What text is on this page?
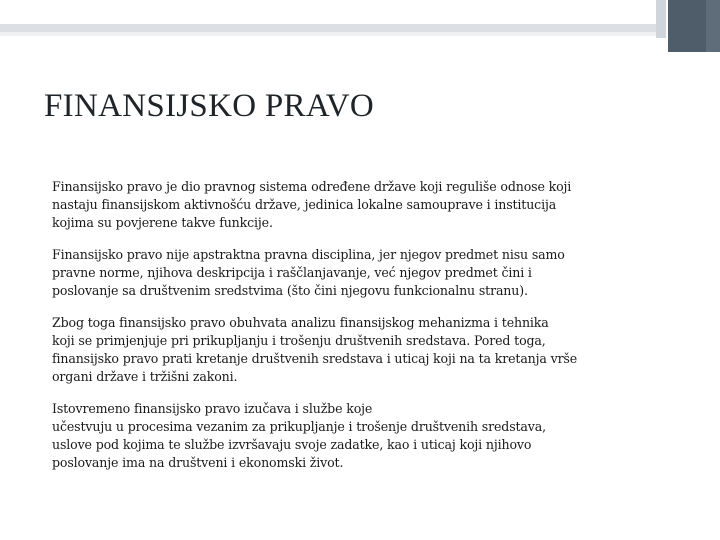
FINANSIJSKO PRAVO

Finansijsko pravo je dio pravnog sistema određene države koji reguliše odnose koji
nastaju finansijskom aktivnošću države, jedinica lokalne samouprave i institucija
kojima su povjerene takve funkcije.

Finansijsko pravo nije apstraktna pravna disciplina, jer njegov predmet nisu samo
pravne norme, njihova deskripcija i raščlanjavanje, već njegov predmet čini i
poslovanje sa društvenim sredstvima (što čini njegovu funkcionalnu stranu).

Zbog toga finansijsko pravo obuhvata analizu finansijskog mehanizma i tehnika
koji se primjenjuje pri prikupljanju i trošenju društvenih sredstava. Pored toga,
finansijsko pravo prati kretanje društvenih sredstava i uticaj koji na ta kretanja vrše
organi države i tržišni zakoni.

Istovremeno finansijsko pravo izučava i službe koje
učestvuju u procesima vezanim za prikupljanje i trošenje društvenih sredstava,
uslove pod kojima te službe izvršavaju svoje zadatke, kao i uticaj koji njihovo
poslovanje ima na društveni i ekonomski život.
